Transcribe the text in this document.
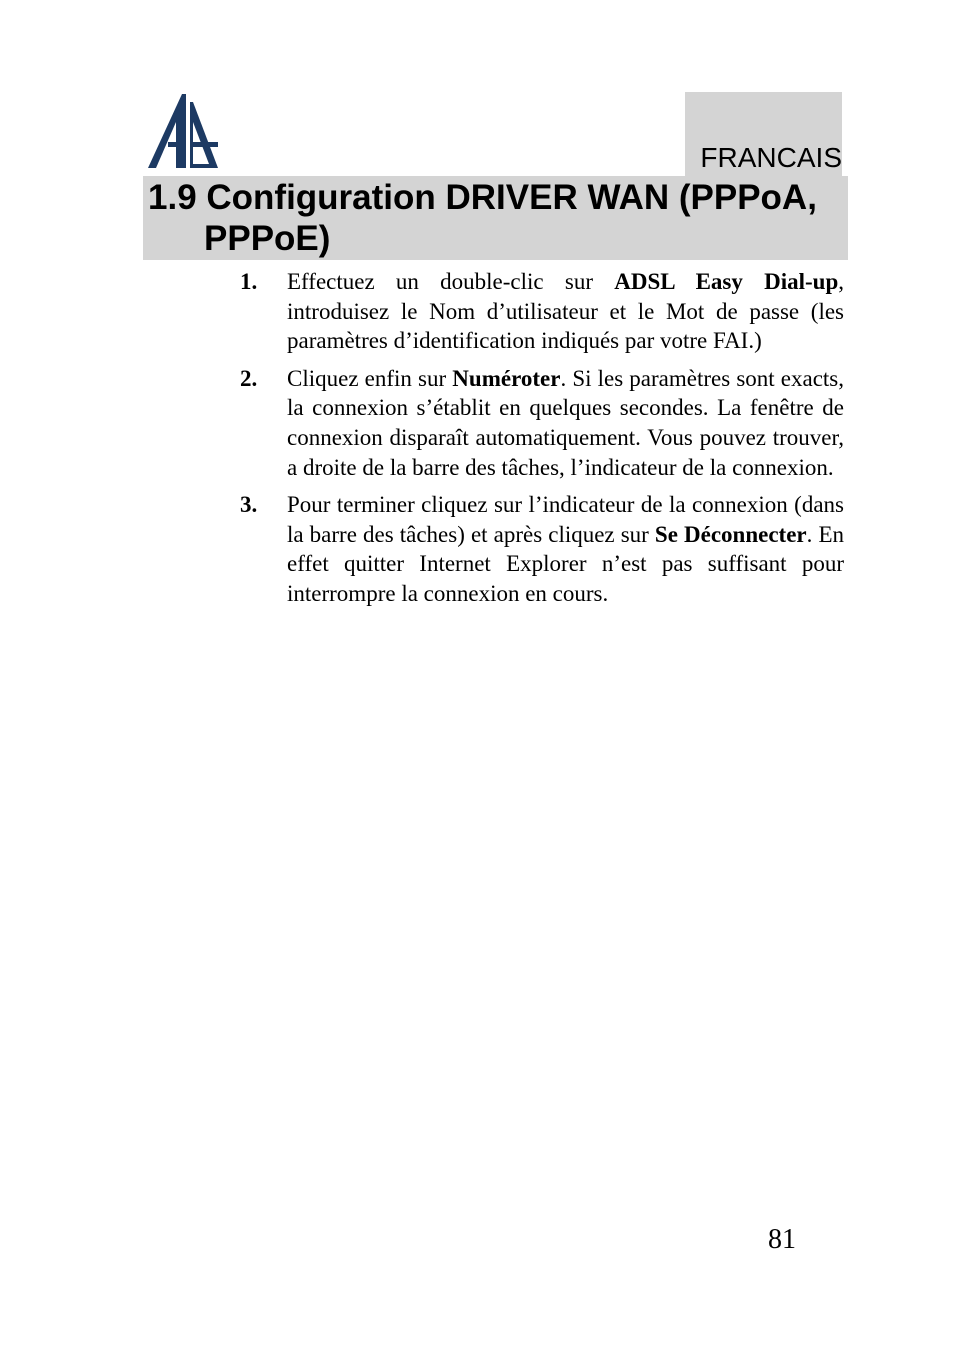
FRANCAIS
1.9 Configuration DRIVER WAN (PPPoA,
PPPoE)
1.	Effectuez un double-clic sur ADSL Easy Dial-up, introduisez le Nom d’utilisateur et le Mot de passe (les paramètres d’identification indiqués par votre FAI.)

2.	Cliquez enfin sur Numéroter. Si les paramètres sont exacts, la connexion s’établit en quelques secondes. La fenêtre de connexion disparaît automatiquement. Vous pouvez trouver, a droite de la barre des tâches, l’indicateur de la connexion.

3.	Pour terminer cliquez sur l’indicateur de la connexion (dans la barre des tâches) et après cliquez sur Se Déconnecter. En effet quitter Internet Explorer n’est pas suffisant pour interrompre la connexion en cours.

81
